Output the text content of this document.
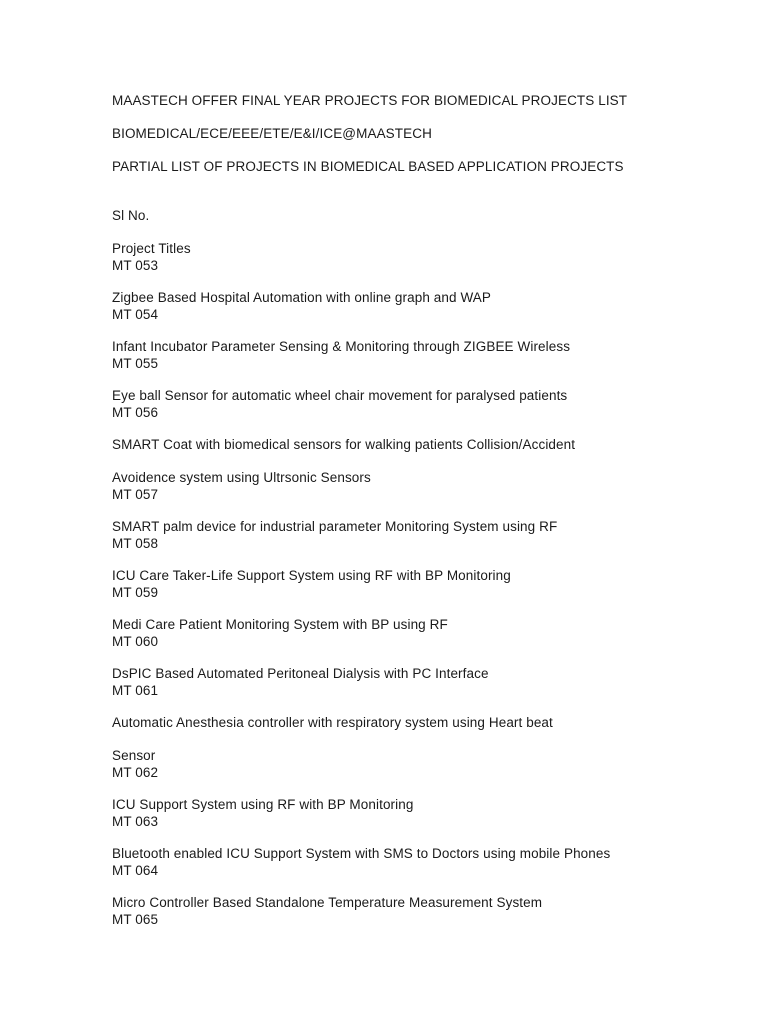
MAASTECH OFFER FINAL YEAR PROJECTS FOR BIOMEDICAL PROJECTS LIST
BIOMEDICAL/ECE/EEE/ETE/E&I/ICE@MAASTECH
PARTIAL LIST OF PROJECTS IN BIOMEDICAL BASED APPLICATION PROJECTS
Sl No.
Project Titles
MT 053
Zigbee Based Hospital Automation with online graph and WAP
MT 054
Infant Incubator Parameter Sensing & Monitoring through ZIGBEE Wireless
MT 055
Eye ball Sensor for automatic wheel chair movement for paralysed patients
MT 056
SMART Coat with biomedical sensors for walking patients Collision/Accident
Avoidence system using Ultrsonic Sensors
MT 057
SMART palm device for industrial parameter Monitoring System using RF
MT 058
ICU Care Taker-Life Support System using RF with BP Monitoring
MT 059
Medi Care Patient Monitoring System with BP using RF
MT 060
DsPIC Based Automated Peritoneal Dialysis with PC Interface
MT 061
Automatic Anesthesia controller with respiratory system using Heart beat
Sensor
MT 062
ICU Support System using RF with BP Monitoring
MT 063
Bluetooth enabled ICU Support System with SMS to Doctors using mobile Phones
MT 064
Micro Controller Based Standalone Temperature Measurement System
MT 065
